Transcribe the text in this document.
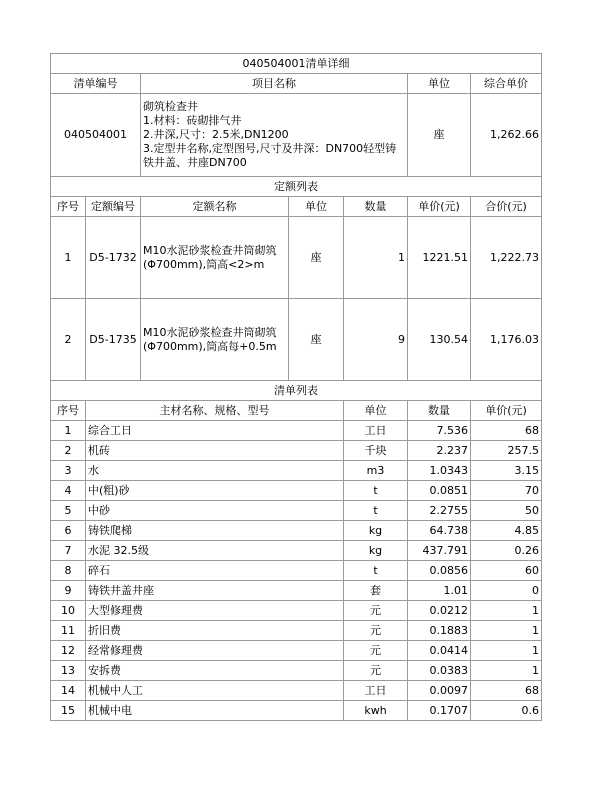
040504001清单详细							
清单编号		项目名称			单位	综合单价	
040504001		砌筑检查井
1.材料：砖砌排气井
2.井深,尺寸：2.5米,DN1200
3.定型井名称,定型图号,尺寸及井深：DN700轻型铸铁井盖、井座DN700			座	1,262.66	
定额列表							
序号	定额编号	定额名称	单位	数量	单价(元)	合价(元)	
1	D5-1732	M10水泥砂浆检查井筒砌筑(Φ700mm),筒高<2>m	座	1	1221.51	1,222.73	
2	D5-1735	M10水泥砂浆检查井筒砌筑(Φ700mm),筒高每+0.5m	座	9	130.54	1,176.03	
清单列表							
序号	主材名称、规格、型号			单位	数量	单价(元)	
1	综合工日			工日	7.536	68	
2	机砖			千块	2.237	257.5	
3	水			m3	1.0343	3.15	
4	中(粗)砂			t	0.0851	70	
5	中砂			t	2.2755	50	
6	铸铁爬梯			kg	64.738	4.85	
7	水泥 32.5级			kg	437.791	0.26	
8	碎石			t	0.0856	60	
9	铸铁井盖井座			套	1.01	0	
10	大型修理费			元	0.0212	1	
11	折旧费			元	0.1883	1	
12	经常修理费			元	0.0414	1	
13	安拆费			元	0.0383	1	
14	机械中人工			工日	0.0097	68	
15	机械中电			kwh	0.1707	0.6	
